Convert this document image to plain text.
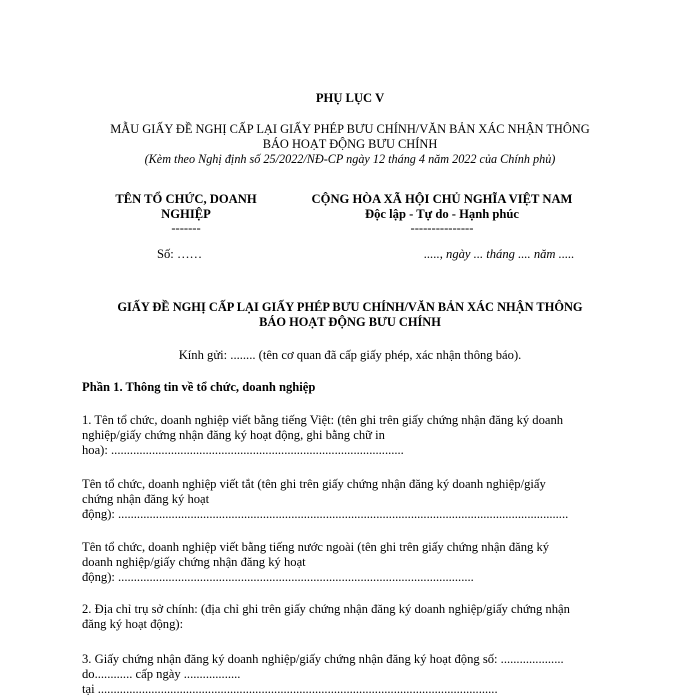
PHỤ LỤC V
MẪU GIẤY ĐỀ NGHỊ CẤP LẠI GIẤY PHÉP BƯU CHÍNH/VĂN BẢN XÁC NHẬN THÔNG
BÁO HOẠT ĐỘNG BƯU CHÍNH
(Kèm theo Nghị định số 25/2022/NĐ-CP ngày 12 tháng 4 năm 2022 của Chính phủ)
TÊN TỔ CHỨC, DOANH
NGHIỆP
-------
Số: ……
CỘNG HÒA XÃ HỘI CHỦ NGHĨA VIỆT NAM
Độc lập - Tự do - Hạnh phúc
---------------
....., ngày ... tháng .... năm .....
GIẤY ĐỀ NGHỊ CẤP LẠI GIẤY PHÉP BƯU CHÍNH/VĂN BẢN XÁC NHẬN THÔNG
BÁO HOẠT ĐỘNG BƯU CHÍNH
Kính gửi: ........ (tên cơ quan đã cấp giấy phép, xác nhận thông báo).
Phần 1. Thông tin về tổ chức, doanh nghiệp
1. Tên tổ chức, doanh nghiệp viết bằng tiếng Việt: (tên ghi trên giấy chứng nhận đăng ký doanh
nghiệp/giấy chứng nhận đăng ký hoạt động, ghi bằng chữ in
hoa): .............................................................................................
Tên tổ chức, doanh nghiệp viết tắt (tên ghi trên giấy chứng nhận đăng ký doanh nghiệp/giấy
chứng nhận đăng ký hoạt
động): ...............................................................................................................................................
Tên tổ chức, doanh nghiệp viết bằng tiếng nước ngoài (tên ghi trên giấy chứng nhận đăng ký
doanh nghiệp/giấy chứng nhận đăng ký hoạt
động): .................................................................................................................
2. Địa chỉ trụ sở chính: (địa chỉ ghi trên giấy chứng nhận đăng ký doanh nghiệp/giấy chứng nhận
đăng ký hoạt động):
3. Giấy chứng nhận đăng ký doanh nghiệp/giấy chứng nhận đăng ký hoạt động số: ....................
do............ cấp ngày ..................
tại ...............................................................................................................................
